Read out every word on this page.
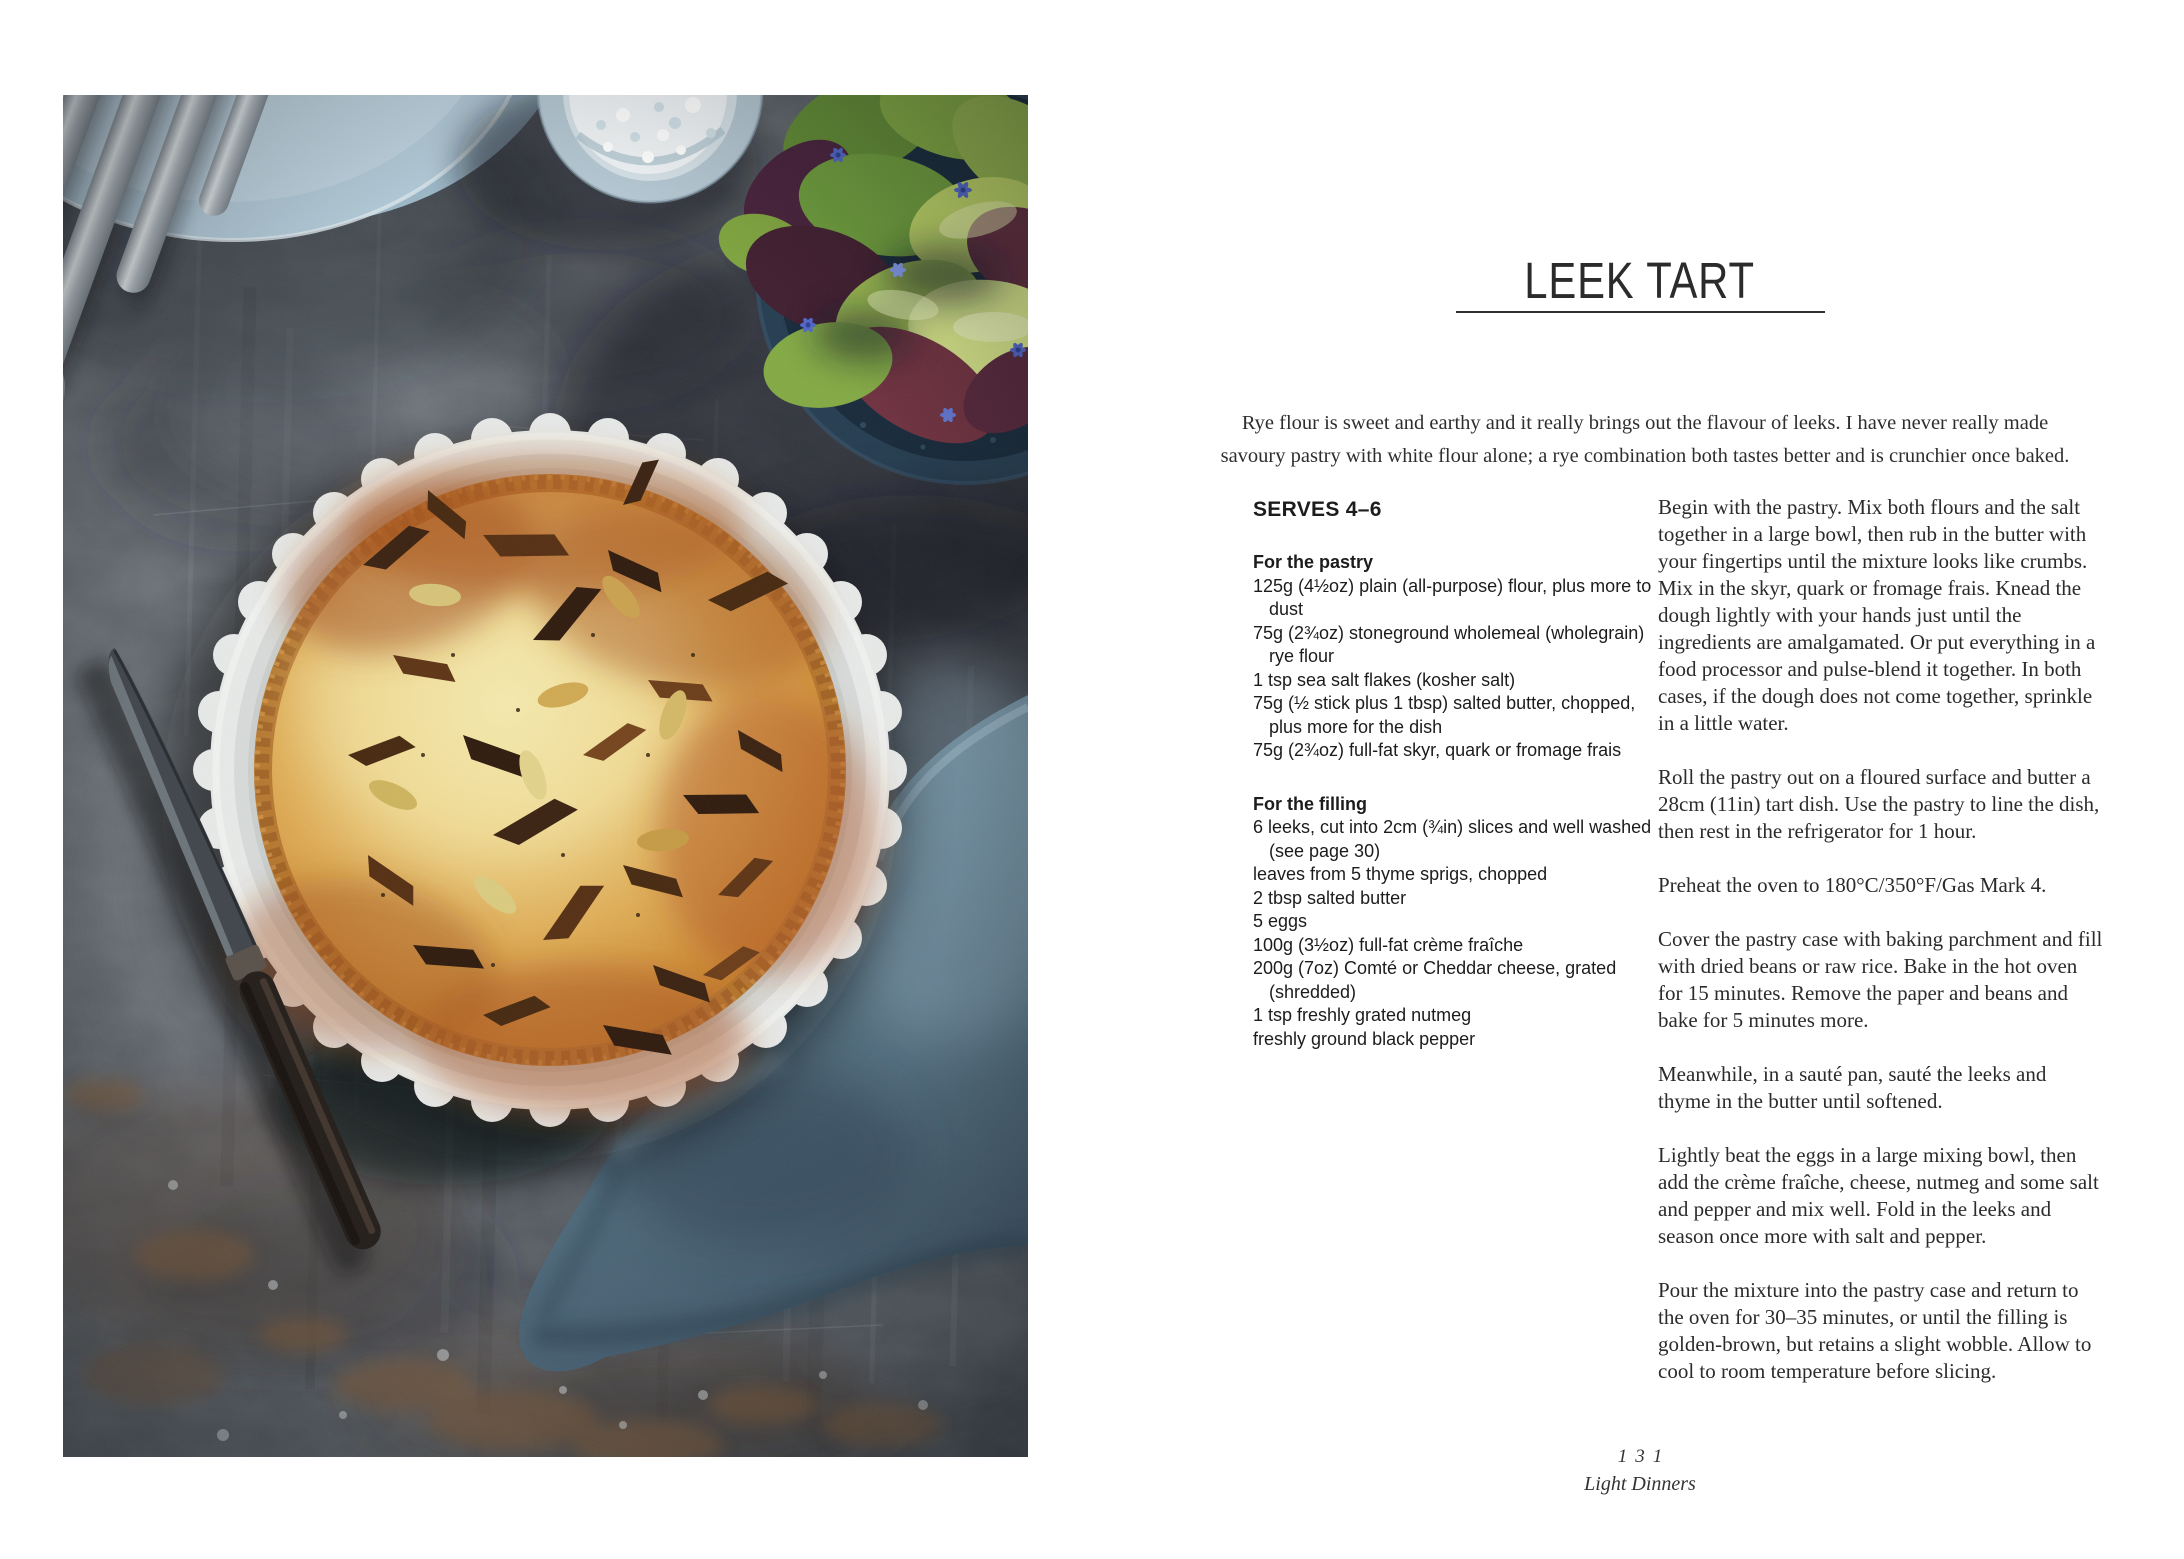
LEEK TART

Rye flour is sweet and earthy and it really brings out the flavour of leeks. I have never really made savoury pastry with white flour alone; a rye combination both tastes better and is crunchier once baked.

SERVES 4–6

For the pastry

125g (4½oz) plain (all-purpose) flour, plus more to dust
75g (2¾oz) stoneground wholemeal (wholegrain) rye flour
1 tsp sea salt flakes (kosher salt)
75g (½ stick plus 1 tbsp) salted butter, chopped, plus more for the dish
75g (2¾oz) full-fat skyr, quark or fromage frais

For the filling

6 leeks, cut into 2cm (¾in) slices and well washed (see page 30)
leaves from 5 thyme sprigs, chopped
2 tbsp salted butter
5 eggs
100g (3½oz) full-fat crème fraîche
200g (7oz) Comté or Cheddar cheese, grated (shredded)
1 tsp freshly grated nutmeg
freshly ground black pepper

Begin with the pastry. Mix both flours and the salt together in a large bowl, then rub in the butter with your fingertips until the mixture looks like crumbs. Mix in the skyr, quark or fromage frais. Knead the dough lightly with your hands just until the ingredients are amalgamated. Or put everything in a food processor and pulse-blend it together. In both cases, if the dough does not come together, sprinkle in a little water.

Roll the pastry out on a floured surface and butter a 28cm (11in) tart dish. Use the pastry to line the dish, then rest in the refrigerator for 1 hour.

Preheat the oven to 180°C/350°F/Gas Mark 4.

Cover the pastry case with baking parchment and fill with dried beans or raw rice. Bake in the hot oven for 15 minutes. Remove the paper and beans and bake for 5 minutes more.

Meanwhile, in a sauté pan, sauté the leeks and thyme in the butter until softened.

Lightly beat the eggs in a large mixing bowl, then add the crème fraîche, cheese, nutmeg and some salt and pepper and mix well. Fold in the leeks and season once more with salt and pepper.

Pour the mixture into the pastry case and return to the oven for 30–35 minutes, or until the filling is golden-brown, but retains a slight wobble. Allow to cool to room temperature before slicing.

131
Light Dinners
